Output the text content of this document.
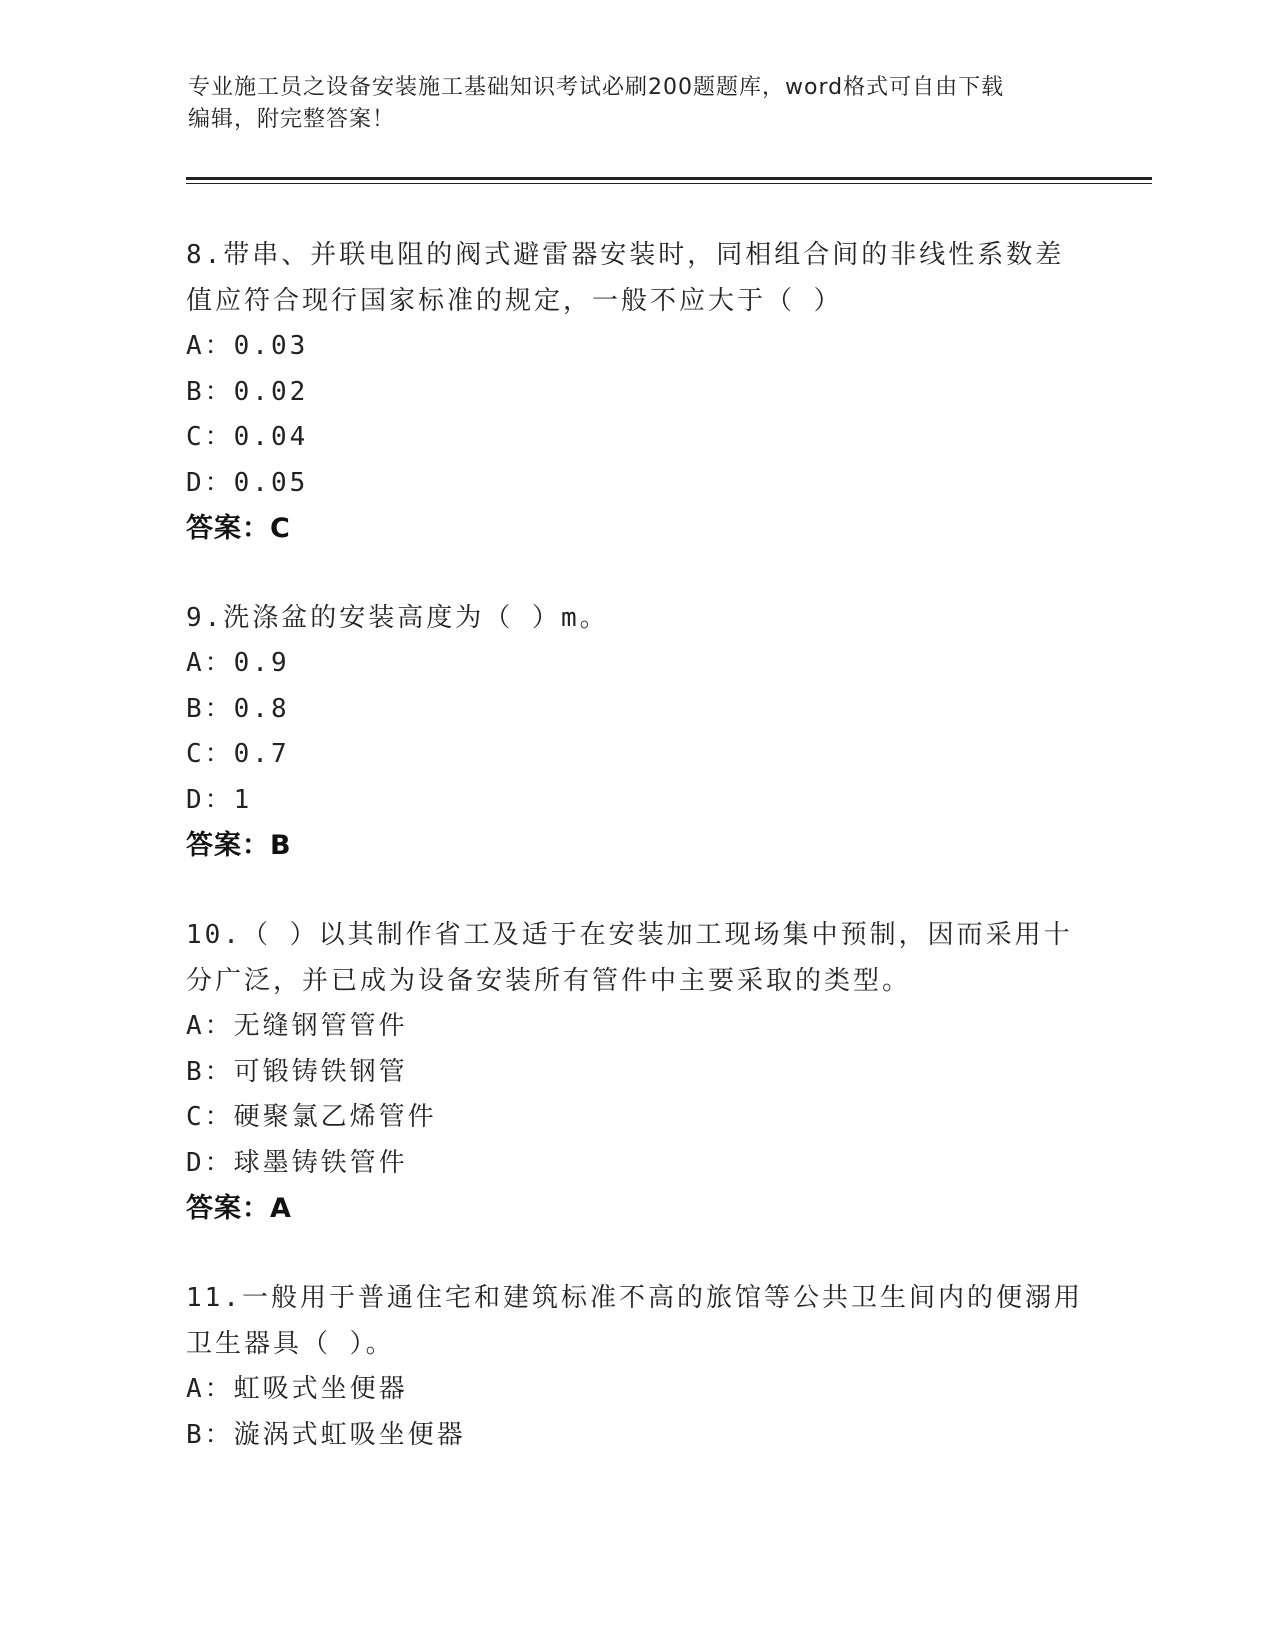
专业施工员之设备安装施工基础知识考试必刷200题题库，word格式可自由下载
编辑，附完整答案！
8.带串、并联电阻的阀式避雷器安装时，同相组合间的非线性系数差
值应符合现行国家标准的规定，一般不应大于（ ）
A：0.03
B：0.02
C：0.04
D：0.05
答案：C
9.洗涤盆的安装高度为（ ）m。
A：0.9
B：0.8
C：0.7
D：1
答案：B
10.（ ）以其制作省工及适于在安装加工现场集中预制，因而采用十
分广泛，并已成为设备安装所有管件中主要采取的类型。
A：无缝钢管管件
B：可锻铸铁钢管
C：硬聚氯乙烯管件
D：球墨铸铁管件
答案：A
11.一般用于普通住宅和建筑标准不高的旅馆等公共卫生间内的便溺用
卫生器具（ ）。
A：虹吸式坐便器
B：漩涡式虹吸坐便器
